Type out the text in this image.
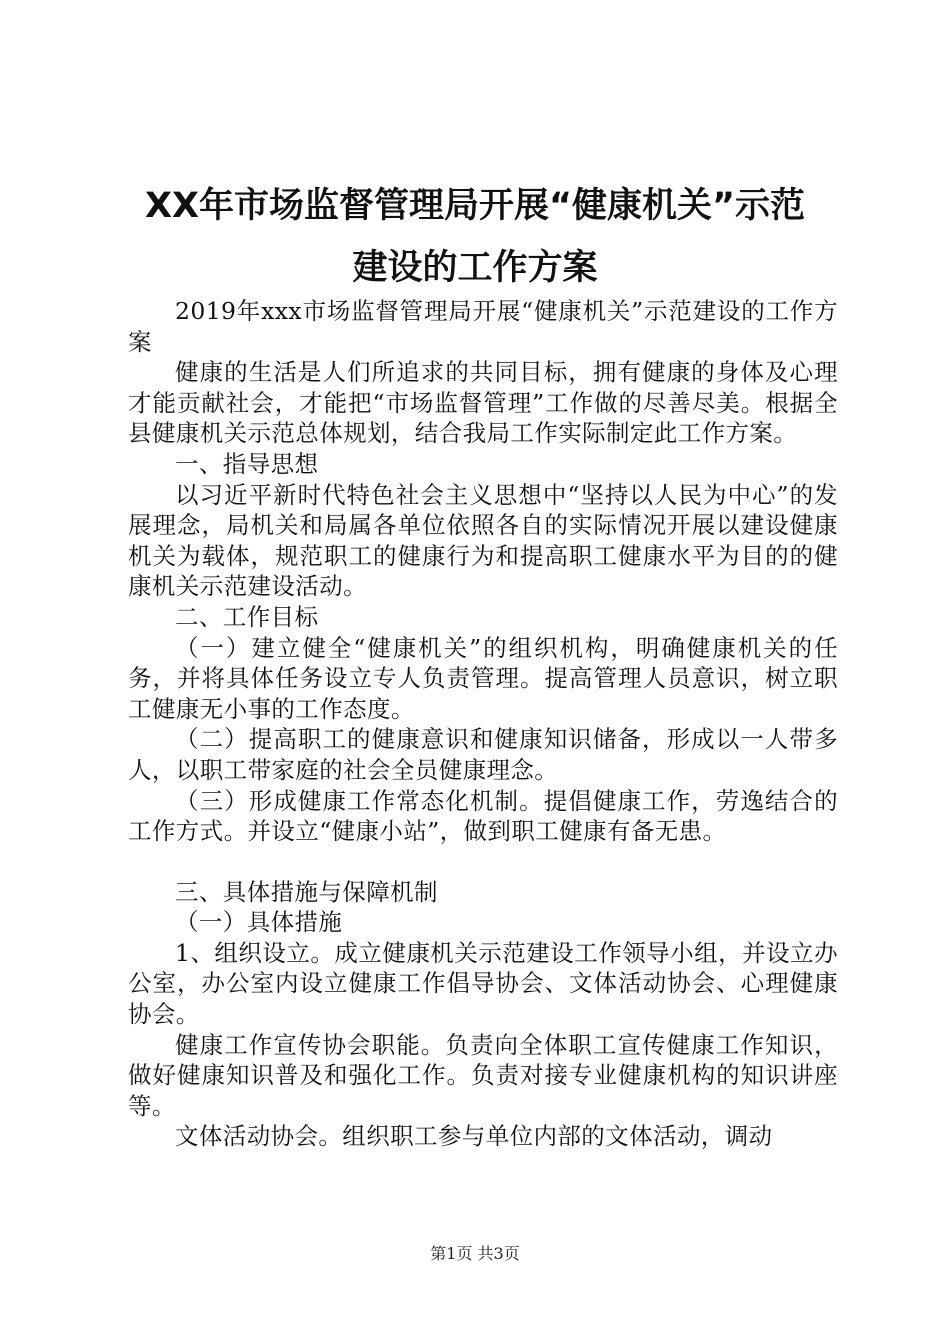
XX年市场监督管理局开展“健康机关”示范
建设的工作方案

2019年xxx市场监督管理局开展“健康机关”示范建设的工作方案

健康的生活是人们所追求的共同目标，拥有健康的身体及心理才能贡献社会，才能把“市场监督管理”工作做的尽善尽美。根据全县健康机关示范总体规划，结合我局工作实际制定此工作方案。

一、指导思想

以习近平新时代特色社会主义思想中“坚持以人民为中心”的发展理念，局机关和局属各单位依照各自的实际情况开展以建设健康机关为载体，规范职工的健康行为和提高职工健康水平为目的的健康机关示范建设活动。

二、工作目标

（一）建立健全“健康机关”的组织机构，明确健康机关的任务，并将具体任务设立专人负责管理。提高管理人员意识，树立职工健康无小事的工作态度。

（二）提高职工的健康意识和健康知识储备，形成以一人带多人，以职工带家庭的社会全员健康理念。

（三）形成健康工作常态化机制。提倡健康工作，劳逸结合的工作方式。并设立“健康小站”，做到职工健康有备无患。

三、具体措施与保障机制

（一）具体措施

1、组织设立。成立健康机关示范建设工作领导小组，并设立办公室，办公室内设立健康工作倡导协会、文体活动协会、心理健康协会。

健康工作宣传协会职能。负责向全体职工宣传健康工作知识，做好健康知识普及和强化工作。负责对接专业健康机构的知识讲座等。

文体活动协会。组织职工参与单位内部的文体活动，调动

第1页 共3页
